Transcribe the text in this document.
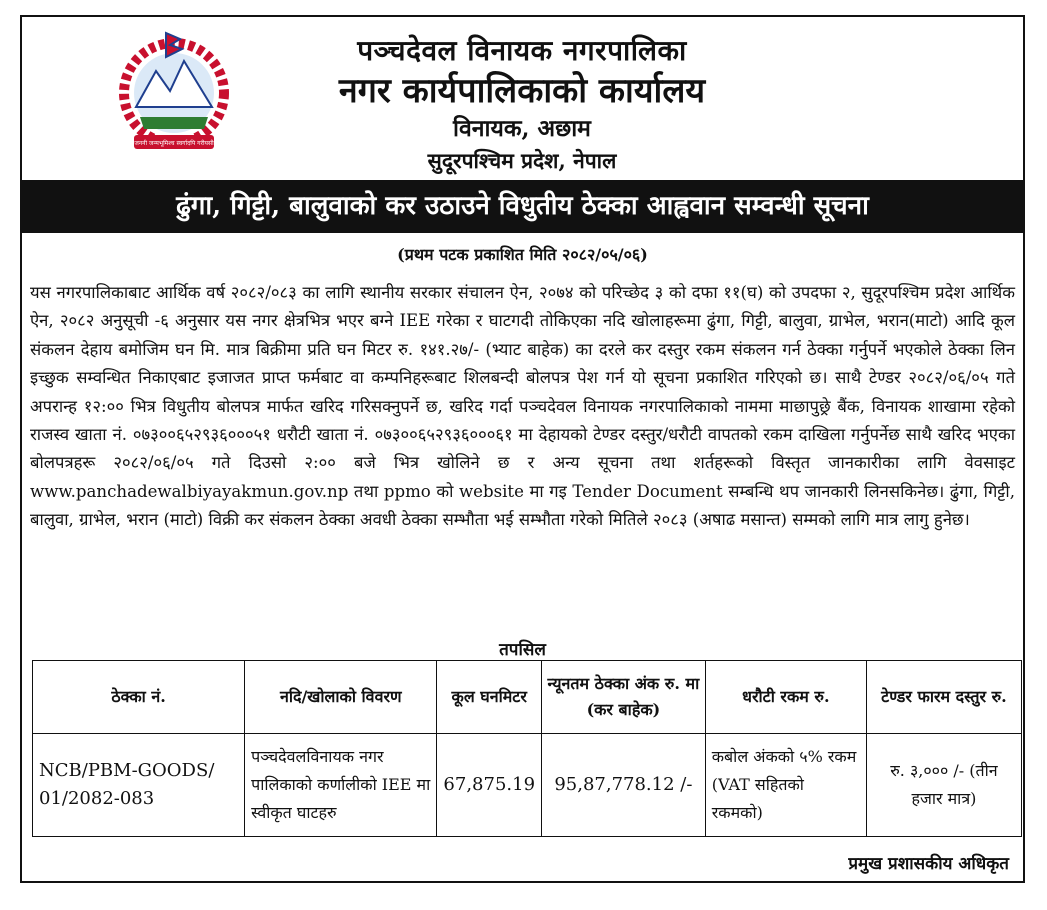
जननी जन्मभूमिश्च स्वर्गादपि गरीयसी
पञ्चदेवल विनायक नगरपालिका
नगर कार्यपालिकाको कार्यालय
विनायक, अछाम
सुदूरपश्चिम प्रदेश, नेपाल
ढुंगा, गिट्टी, बालुवाको कर उठाउने विधुतीय ठेक्का आह्ववान सम्वन्धी सूचना
(प्रथम पटक प्रकाशित मिति २०८२/०५/०६)

यस नगरपालिकाबाट आर्थिक वर्ष २०८२/०८३ का लागि स्थानीय सरकार संचालन ऐन, २०७४ को परिच्छेद ३ को दफा ११(घ) को उपदफा २, सुदूरपश्चिम प्रदेश आर्थिक ऐन, २०८२ अनुसूची -६ अनुसार यस नगर क्षेत्रभित्र भएर बग्ने IEE गरेका र घाटगदी तोकिएका नदि खोलाहरूमा ढुंगा, गिट्टी, बालुवा, ग्राभेल, भरान(माटो) आदि कूल संकलन देहाय बमोजिम घन मि. मात्र बिक्रीमा प्रति घन मिटर रु. १४१.२७/- (भ्याट बाहेक) का दरले कर दस्तुर रकम संकलन गर्न ठेक्का गर्नुपर्ने भएकोले ठेक्का लिन इच्छुक सम्वन्धित निकाएबाट इजाजत प्राप्त फर्मबाट वा कम्पनिहरूबाट शिलबन्दी बोलपत्र पेश गर्न यो सूचना प्रकाशित गरिएको छ। साथै टेण्डर २०८२/०६/०५ गते अपरान्ह १२:०० भित्र विधुतीय बोलपत्र मार्फत खरिद गरिसक्नुपर्ने छ, खरिद गर्दा पञ्चदेवल विनायक नगरपालिकाको नाममा माछापुछ्रे बैंक, विनायक शाखामा रहेको राजस्व खाता नं. ०७३००६५२९३६०००५१ धरौटी खाता नं. ०७३००६५२९३६०००६१ मा देहायको टेण्डर दस्तुर/धरौटी वापतको रकम दाखिला गर्नुपर्नेछ साथै खरिद भएका बोलपत्रहरू २०८२/०६/०५ गते दिउसो २:०० बजे भित्र खोलिने छ र अन्य सूचना तथा शर्तहरूको विस्तृत जानकारीका लागि वेवसाइट www.panchadewalbiyayakmun.gov.np तथा ppmo को website मा गइ Tender Document सम्बन्धि थप जानकारी लिनसकिनेछ। ढुंगा, गिट्टी, बालुवा, ग्राभेल, भरान (माटो) विक्री कर संकलन ठेक्का अवधी ठेक्का सम्भौता भई सम्भौता गरेको मितिले २०८३ (अषाढ मसान्त) सम्मको लागि मात्र लागु हुनेछ।

तपसिल
ठेक्का नं.	नदि/खोलाको विवरण	कूल घनमिटर	न्यूनतम ठेक्का अंक रु. मा (कर बाहेक)	धरौटी रकम रु.	टेण्डर फारम दस्तुर रु.
NCB/PBM-GOODS/ 01/2082-083	पञ्चदेवलविनायक नगर पालिकाको कर्णालीको IEE मा स्वीकृत घाटहरु	67,875.19	95,87,778.12 /-	कबोल अंकको ५% रकम (VAT सहितको रकमको)	रु. ३,००० /- (तीन हजार मात्र)
प्रमुख प्रशासकीय अधिकृत
